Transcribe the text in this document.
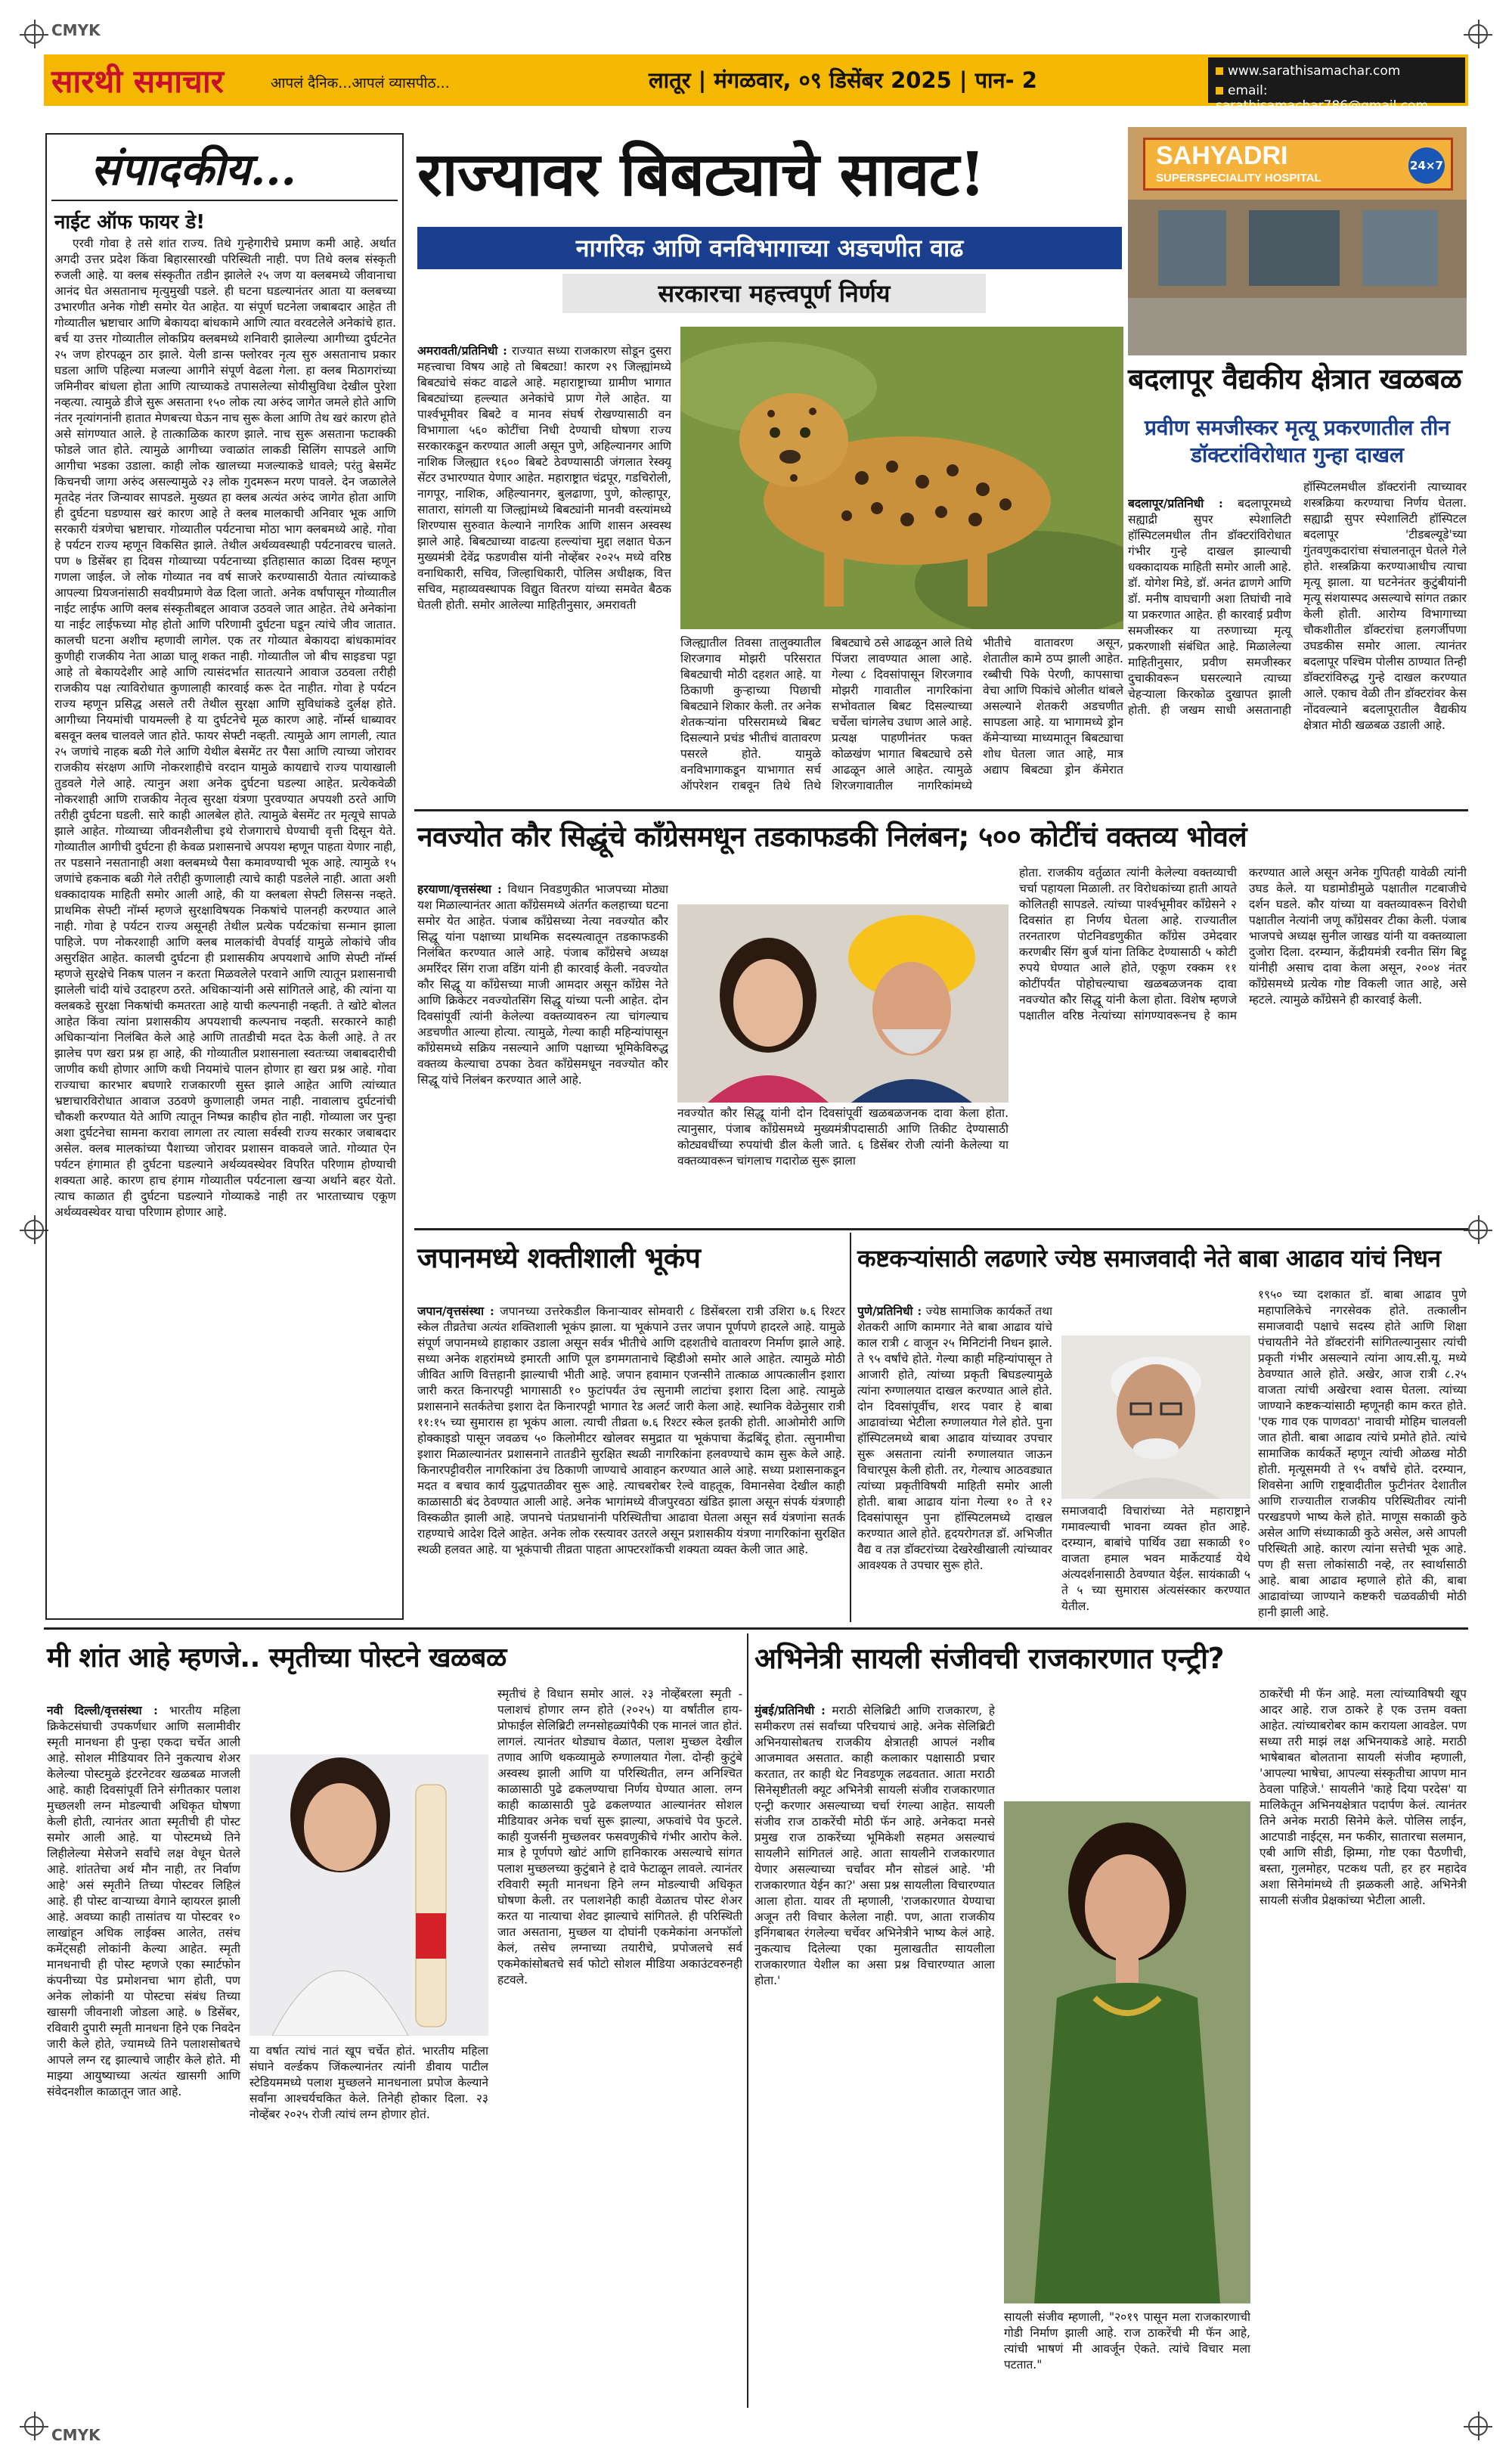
CMYK
CMYK
सारथी समाचार	आपलं दैनिक...आपलं व्यासपीठ...	लातूर | मंगळवार, ०९ डिसेंबर 2025 | पान- 2	www.sarathisamachar.com
email: sarathisamachar786@gmail.com
संपादकीय...
नाईट ऑफ फायर डे!
एरवी गोवा हे तसे शांत राज्य. तिथे गुन्हेगारीचे प्रमाण कमी आहे. अर्थात अगदी उत्तर प्रदेश किंवा बिहारसारखी परिस्थिती नाही. पण तिथे क्लब संस्कृती रुजली आहे. या क्लब संस्कृतीत तडीन झालेले २५ जण या क्लबमध्ये जीवानाचा आनंद घेत असतानाच मृत्युमुखी पडले. ही घटना घडल्यानंतर आता या क्लबच्या उभारणीत अनेक गोष्टी समोर येत आहेत. या संपूर्ण घटनेला जबाबदार आहेत ती गोव्यातील भ्रष्टाचार आणि बेकायदा बांधकामे आणि त्यात वरवटलेले अनेकांचे हात. बर्च या उत्तर गोव्यातील लोकप्रिय क्लबमध्ये शनिवारी झालेल्या आगीच्या दुर्घटनेत २५ जण होरपळून ठार झाले. येली डान्स फ्लोरवर नृत्य सुरु असतानाच प्रकार घडला आणि पहिल्या मजल्या आगीने संपूर्ण वेढला गेला. हा क्लब मिठागरांच्या जमिनीवर बांधला होता आणि त्याच्याकडे तपासलेल्या सोयीसुविधा देखील पुरेशा नव्हत्या. त्यामुळे डीजे सुरू असताना १५० लोक त्या अरुंद जागेत जमले होते आणि नंतर नृत्यांगनांनी हातात मेणबत्त्या घेऊन नाच सुरू केला आणि तेथ खरं कारण होते असे सांगण्यात आले. हे तात्काळिक कारण झाले. नाच सुरू असताना फटाक्की फोडले जात होते. त्यामुळे आगीच्या ज्वाळांत लाकडी सिलिंग सापडले आणि आगीचा भडका उडाला. काही लोक खालच्या मजल्याकडे धावले; परंतु बेसमेंट किचनची जागा अरुंद असल्यामुळे २३ लोक गुदमरून मरण पावले. देन जळालेले मृतदेह नंतर जिन्यावर सापडले. मुख्यत हा क्लब अत्यंत अरुंद जागेत होता आणि ही दुर्घटना घडण्यास खरं कारण आहे ते क्लब मालकाची अनिवार भूक आणि सरकारी यंत्रणेचा भ्रष्टाचार. गोव्यातील पर्यटनाचा मोठा भाग क्लबमध्ये आहे. गोवा हे पर्यटन राज्य म्हणून विकसित झाले. तेथील अर्थव्यवस्थाही पर्यटनावरच चालते. पण ७ डिसेंबर हा दिवस गोव्याच्या पर्यटनाच्या इतिहासात काळा दिवस म्हणून गणला जाईल. जे लोक गोव्यात नव वर्ष साजरे करण्यासाठी येतात त्यांच्याकडे आपल्या प्रियजनांसाठी सवयीप्रमाणे वेळ दिला जातो. अनेक वर्षांपासून गोव्यातील नाईट लाईफ आणि क्लब संस्कृतीबद्दल आवाज उठवले जात आहेत. तेथे अनेकांना या नाईट लाईफच्या मोह होतो आणि परिणामी दुर्घटना घडून त्यांचे जीव जातात. कालची घटना अशीच म्हणावी लागेल. एक तर गोव्यात बेकायदा बांधकामांवर कुणीही राजकीय नेता आळा घालू शकत नाही. गोव्यातील जो बीच साइडचा पट्टा आहे तो बेकायदेशीर आहे आणि त्यासंदर्भात सातत्याने आवाज उठवला तरीही राजकीय पक्ष त्याविरोधात कुणालाही कारवाई करू देत नाहीत. गोवा हे पर्यटन राज्य म्हणून प्रसिद्ध असले तरी तेथील सुरक्षा आणि सुविधांकडे दुर्लक्ष होते. आगीच्या नियमांची पायमल्ली हे या दुर्घटनेचे मूळ कारण आहे. नॉर्म्स धाब्यावर बसवून क्लब चालवले जात होते. फायर सेफ्टी नव्हती. त्यामुळे आग लागली, त्यात २५ जणांचे नाहक बळी गेले आणि येथील बेसमेंट तर पैसा आणि त्याच्या जोरावर राजकीय संरक्षण आणि नोकरशाहीचे वरदान यामुळे कायद्याचे राज्य पायाखाली तुडवले गेले आहे. त्यानुन अशा अनेक दुर्घटना घडल्या आहेत. प्रत्येकवेळी नोकरशाही आणि राजकीय नेतृत्व सुरक्षा यंत्रणा पुरवण्यात अपयशी ठरते आणि तरीही दुर्घटना घडली. सारे काही आलबेल होते. त्यामुळे बेसमेंट तर मृत्यूचे सापळे झाले आहेत. गोव्याच्या जीवनशैलीचा इथे रोजगाराचे घेण्याची वृत्ती दिसून येते. गोव्यातील आगीची दुर्घटना ही केवळ प्रशासनाचे अपयश म्हणून पाहता येणार नाही, तर पडसाने नसतानाही अशा क्लबमध्ये पैसा कमावण्याची भूक आहे. त्यामुळे १५ जणांचे हकनाक बळी गेले तरीही कुणालाही त्याचे काही पडलेले नाही. आता अशी धक्कादायक माहिती समोर आली आहे, की या क्लबला सेफ्टी लिसन्स नव्हते. प्राथमिक सेफ्टी नॉर्म्स म्हणजे सुरक्षाविषयक निकषांचे पालनही करण्यात आले नाही. गोवा हे पर्यटन राज्य असूनही तेथील प्रत्येक पर्यटकांचा सन्मान झाला पाहिजे. पण नोकरशाही आणि क्लब मालकांची वेपर्वाई यामुळे लोकांचे जीव असुरक्षित आहेत. कालची दुर्घटना ही प्रशासकीय अपयशाचे आणि सेफ्टी नॉर्म्स म्हणजे सुरक्षेचे निकष पालन न करता मिळवलेले परवाने आणि त्यातून प्रशासनाची झालेली चांदी यांचे उदाहरण ठरते. अधिकाऱ्यांनी असे सांगितले आहे, की त्यांना या क्लबकडे सुरक्षा निकषांची कमतरता आहे याची कल्पनाही नव्हती. ते खोटे बोलत आहेत किंवा त्यांना प्रशासकीय अपयशाची कल्पनाच नव्हती. सरकारने काही अधिकाऱ्यांना निलंबित केले आहे आणि तातडीची मदत देऊ केली आहे. ते तर झालेच पण खरा प्रश्न हा आहे, की गोव्यातील प्रशासनाला स्वतःच्या जबाबदारीची जाणीव कधी होणार आणि कधी नियमांचे पालन होणार हा खरा प्रश्न आहे. गोवा राज्याचा कारभार बघणारे राजकारणी सुस्त झाले आहेत आणि त्यांच्यात भ्रष्टाचारविरोधात आवाज उठवणे कुणालाही जमत नाही. नावालाच दुर्घटनांची चौकशी करण्यात येते आणि त्यातून निष्पन्न काहीच होत नाही. गोव्याला जर पुन्हा अशा दुर्घटनेचा सामना करावा लागला तर त्याला सर्वस्वी राज्य सरकार जबाबदार असेल. क्लब मालकांच्या पैशाच्या जोरावर प्रशासन वाकवले जाते. गोव्यात ऐन पर्यटन हंगामात ही दुर्घटना घडल्याने अर्थव्यवस्थेवर विपरित परिणाम होण्याची शक्यता आहे. कारण हाच हंगाम गोव्यातील पर्यटनाला खऱ्या अर्थाने बहर येतो. त्याच काळात ही दुर्घटना घडल्याने गोव्याकडे नाही तर भारताच्याच एकूण अर्थव्यवस्थेवर याचा परिणाम होणार आहे.
राज्यावर बिबट्याचे सावट!
नागरिक आणि वनविभागाच्या अडचणीत वाढ
सरकारचा महत्त्वपूर्ण निर्णय

अमरावती/प्रतिनिधी : राज्यात सध्या राजकारण सोडून दुसरा महत्त्वाचा विषय आहे तो बिबट्या! कारण २९ जिल्ह्यांमध्ये बिबट्यांचे संकट वाढले आहे. महाराष्ट्राच्या ग्रामीण भागात बिबट्यांच्या हल्ल्यात अनेकांचे प्राण गेले आहेत. या पार्श्वभूमीवर बिबटे व मानव संघर्ष रोखण्यासाठी वन विभागाला ५६० कोटींचा निधी देण्याची घोषणा राज्य सरकारकडून करण्यात आली असून पुणे, अहिल्यानगर आणि नाशिक जिल्ह्यात १६०० बिबटे ठेवण्यासाठी जंगलात रेस्क्यू सेंटर उभारण्यात येणार आहेत. महाराष्ट्रात चंद्रपूर, गडचिरोली, नागपूर, नाशिक, अहिल्यानगर, बुलढाणा, पुणे, कोल्हापूर, सातारा, सांगली या जिल्ह्यांमध्ये बिबट्यांनी मानवी वस्त्यांमध्ये शिरण्यास सुरुवात केल्याने नागरिक आणि शासन अस्वस्थ झाले आहे. बिबट्याच्या वाढत्या हल्ल्यांचा मुद्दा लक्षात घेऊन मुख्यमंत्री देवेंद्र फडणवीस यांनी नोव्हेंबर २०२५ मध्ये वरिष्ठ वनाधिकारी, सचिव, जिल्हाधिकारी, पोलिस अधीक्षक, वित्त सचिव, महाव्यवस्थापक विद्युत वितरण यांच्या समवेत बैठक घेतली होती. समोर आलेल्या माहितीनुसार, अमरावती

जिल्ह्यातील तिवसा तालुक्यातील शिरजगाव मोझरी परिसरात बिबट्याची मोठी दहशत आहे. या ठिकाणी कुऱ्हाच्या पिछाची बिबट्याने शिकार केली. तर अनेक शेतकऱ्यांना परिसरामध्ये बिबट दिसल्याने प्रचंड भीतीचं वातावरण पसरले होते. यामुळे वनविभागाकडून याभागात सर्च ऑपरेशन राबवून तिथे तिथे बिबट्याचे ठसे आढळून आले तिथे पिंजरा लावण्यात आला आहे. गेल्या ८ दिवसांपासून शिरजगाव मोझरी गावातील नागरिकांना सभोवताल बिबट दिसल्याच्या चर्चेला चांगलेच उधाण आले आहे. प्रत्यक्ष पाहणीनंतर फक्त कोळखंण भागात बिबट्याचे ठसे आढळून आले आहेत. त्यामुळे शिरजगावातील नागरिकांमध्ये भीतीचे वातावरण असून, शेतातील कामे ठप्प झाली आहेत. रब्बीची पिके पेरणी, कापसाचा वेचा आणि पिकांचे ओलीत थांबले असल्याने शेतकरी अडचणीत सापडला आहे. या भागामध्ये ड्रोन कॅमेऱ्याच्या माध्यमातून बिबट्याचा शोध घेतला जात आहे, मात्र अद्याप बिबट्या ड्रोन कॅमेरात
SAHYADRI
SUPERSPECIALITY HOSPITAL
24×7
बदलापूर वैद्यकीय क्षेत्रात खळबळ
प्रवीण समजीस्कर मृत्यू प्रकरणातील तीन डॉक्टरांविरोधात गुन्हा दाखल

बदलापूर/प्रतिनिधी : बदलापूरमध्ये सह्याद्री सुपर स्पेशालिटी हॉस्पिटलमधील तीन डॉक्टरांविरोधात गंभीर गुन्हे दाखल झाल्याची धक्कादायक माहिती समोर आली आहे. डॉ. योगेश मिडे, डॉ. अनंत ढाणगे आणि डॉ. मनीष वाघचागी अशा तिघांची नावे या प्रकरणात आहेत. ही कारवाई प्रवीण समजीस्कर या तरुणाच्या मृत्यू प्रकरणाशी संबंधित आहे. मिळालेल्या माहितीनुसार, प्रवीण समजीस्कर दुचाकीवरून घसरल्याने त्याच्या चेहऱ्याला किरकोळ दुखापत झाली होती. ही जखम साधी असतानाही हॉस्पिटलमधील डॉक्टरांनी त्याच्यावर शस्त्रक्रिया करण्याचा निर्णय घेतला. सह्याद्री सुपर स्पेशालिटी हॉस्पिटल बदलापूर 'टीडबल्यूडे'च्या गुंतवणुकदारांचा संचालनातून घेतले गेले होते. शस्त्रक्रिया करण्याआधीच त्याचा मृत्यू झाला. या घटनेनंतर कुटुंबीयांनी मृत्यू संशयास्पद असल्याचे सांगत तक्रार केली होती. आरोग्य विभागाच्या चौकशीतील डॉक्टरांचा हलगर्जीपणा उघडकीस समोर आला. त्यानंतर बदलापूर पश्चिम पोलीस ठाण्यात तिन्ही डॉक्टरांविरुद्ध गुन्हे दाखल करण्यात आले. एकाच वेळी तीन डॉक्टरांवर केस नोंदवल्याने बदलापूरातील वैद्यकीय क्षेत्रात मोठी खळबळ उडाली आहे.

नवज्योत कौर सिद्धूंचे काँग्रेसमधून तडकाफडकी निलंबन; ५०० कोटींचं वक्तव्य भोवलं

हरयाणा/वृत्तसंस्था : विधान निवडणुकीत भाजपच्या मोठ्या यश मिळाल्यानंतर आता काँग्रेसमध्ये अंतर्गत कलहाच्या घटना समोर येत आहेत. पंजाब काँग्रेसच्या नेत्या नवज्योत कौर सिद्धू यांना पक्षाच्या प्राथमिक सदस्यत्वातून तडकाफडकी निलंबित करण्यात आले आहे. पंजाब काँग्रेसचे अध्यक्ष अमरिंदर सिंग राजा वडिंग यांनी ही कारवाई केली. नवज्योत कौर सिद्धू या काँग्रेसच्या माजी आमदार असून काँग्रेस नेते आणि क्रिकेटर नवज्योतसिंग सिद्धू यांच्या पत्नी आहेत. दोन दिवसांपूर्वी त्यांनी केलेल्या वक्तव्यावरुन त्या चांगल्याच अडचणीत आल्या होत्या. त्यामुळे, गेल्या काही महिन्यांपासून काँग्रेसमध्ये सक्रिय नसल्याने आणि पक्षाच्या भूमिकेविरुद्ध वक्तव्य केल्याचा ठपका ठेवत काँग्रेसमधून नवज्योत कौर सिद्धू यांचे निलंबन करण्यात आले आहे.

नवज्योत कौर सिद्धू यांनी दोन दिवसांपूर्वी खळबळजनक दावा केला होता. त्यानुसार, पंजाब काँग्रेसमध्ये मुख्यमंत्रीपदासाठी आणि तिकीट देण्यासाठी कोट्यवधींच्या रुपयांची डील केली जाते. ६ डिसेंबर रोजी त्यांनी केलेल्या या वक्तव्यावरून चांगलाच गदारोळ सुरू झाला
होता. राजकीय वर्तुळात त्यांनी केलेल्या वक्तव्याची चर्चा पहायला मिळाली. तर विरोधकांच्या हाती आयते कोलितही सापडले. त्यांच्या पार्श्वभूमीवर काँग्रेसने २ दिवसांत हा निर्णय घेतला आहे. राज्यातील तरनतारण पोटनिवडणुकीत काँग्रेस उमेदवार करणबीर सिंग बुर्ज यांना तिकिट देण्यासाठी ५ कोटी रुपये घेण्यात आले होते, एकूण रक्कम ११ कोटींपर्यंत पोहोचल्याचा खळबळजनक दावा नवज्योत कौर सिद्धू यांनी केला होता. विशेष म्हणजे पक्षातील वरिष्ठ नेत्यांच्या सांगण्यावरूनच हे काम करण्यात आले असून अनेक गुपितही यावेळी त्यांनी उघड केले. या घडामोडीमुळे पक्षातील गटबाजीचे दर्शन घडले. कौर यांच्या या वक्तव्यावरून विरोधी पक्षातील नेत्यांनी जणू काँग्रेसवर टीका केली. पंजाब भाजपचे अध्यक्ष सुनील जाखड यांनी या वक्तव्याला दुजोरा दिला. दरम्यान, केंद्रीयमंत्री रवनीत सिंग बिट्टू यांनीही असाच दावा केला असून, २००४ नंतर काँग्रेसमध्ये प्रत्येक गोष्ट विकली जात आहे, असे म्हटले. त्यामुळे काँग्रेसने ही कारवाई केली.
जपानमध्ये शक्तीशाली भूकंप

जपान/वृत्तसंस्था : जपानच्या उत्तरेकडील किनाऱ्यावर सोमवारी ८ डिसेंबरला रात्री उशिरा ७.६ रिश्टर स्केल तीव्रतेचा अत्यंत शक्तिशाली भूकंप झाला. या भूकंपाने उत्तर जपान पूर्णपणे हादरले आहे. यामुळे संपूर्ण जपानमध्ये हाहाकार उडाला असून सर्वत्र भीतीचे आणि दहशतीचे वातावरण निर्माण झाले आहे. सध्या अनेक शहरांमध्ये इमारती आणि पूल डगमगतानाचे व्हिडीओ समोर आले आहेत. त्यामुळे मोठी जीवित आणि वित्तहानी झाल्याची भीती आहे. जपान हवामान एजन्सीने तात्काळ आपत्कालीन इशारा जारी करत किनारपट्टी भागासाठी १० फुटांपर्यंत उंच त्सुनामी लाटांचा इशारा दिला आहे. त्यामुळे प्रशासनाने सतर्कतेचा इशारा देत किनारपट्टी भागात रेड अलर्ट जारी केला आहे. स्थानिक वेळेनुसार रात्री ११:१५ च्या सुमारास हा भूकंप आला. त्याची तीव्रता ७.६ रिश्टर स्केल इतकी होती. आओमोरी आणि होक्काइडो पासून जवळच ५० किलोमीटर खोलवर समुद्रात या भूकंपाचा केंद्रबिंदू होता. त्सुनामीचा इशारा मिळाल्यानंतर प्रशासनाने तातडीने सुरक्षित स्थळी नागरिकांना हलवण्याचे काम सुरू केले आहे. किनारपट्टीवरील नागरिकांना उंच ठिकाणी जाण्याचे आवाहन करण्यात आले आहे. सध्या प्रशासनाकडून मदत व बचाव कार्य युद्धपातळीवर सुरू आहे. त्याचबरोबर रेल्वे वाहतूक, विमानसेवा देखील काही काळासाठी बंद ठेवण्यात आली आहे. अनेक भागांमध्ये वीजपुरवठा खंडित झाला असून संपर्क यंत्रणाही विस्कळीत झाली आहे. जपानचे पंतप्रधानांनी परिस्थितीचा आढावा घेतला असून सर्व यंत्रणांना सतर्क राहण्याचे आदेश दिले आहेत. अनेक लोक रस्त्यावर उतरले असून प्रशासकीय यंत्रणा नागरिकांना सुरक्षित स्थळी हलवत आहे. या भूकंपाची तीव्रता पाहता आफ्टरशॉकची शक्यता व्यक्त केली जात आहे.

कष्टकऱ्यांसाठी लढणारे ज्येष्ठ समाजवादी नेते बाबा आढाव यांचं निधन

पुणे/प्रतिनिधी : ज्येष्ठ सामाजिक कार्यकर्ते तथा शेतकरी आणि कामगार नेते बाबा आढाव यांचे काल रात्री ८ वाजून २५ मिनिटांनी निधन झाले. ते ९५ वर्षांचे होते. गेल्या काही महिन्यांपासून ते आजारी होते, त्यांच्या प्रकृती बिघडल्यामुळे त्यांना रुग्णालयात दाखल करण्यात आले होते. दोन दिवसांपूर्वीच, शरद पवार हे बाबा आढावांच्या भेटीला रुग्णालयात गेले होते. पुना हॉस्पिटलमध्ये बाबा आढाव यांच्यावर उपचार सुरू असताना त्यांनी रुग्णालयात जाऊन विचारपूस केली होती. तर, गेल्याच आठवड्यात त्यांच्या प्रकृतीविषयी माहिती समोर आली होती. बाबा आढाव यांना गेल्या १० ते १२ दिवसांपासून पुना हॉस्पिटलमध्ये दाखल करण्यात आले होते. हृदयरोगतज्ञ डॉ. अभिजीत वैद्य व तज्ञ डॉक्टरांच्या देखरेखीखाली त्यांच्यावर आवश्यक ते उपचार सुरू होते.

समाजवादी विचारांच्या नेते महाराष्ट्राने गमावल्याची भावना व्यक्त होत आहे. दरम्यान, बाबांचे पार्थिव उद्या सकाळी १० वाजता हमाल भवन मार्केटयार्ड येथे अंत्यदर्शनासाठी ठेवण्यात येईल. सायंकाळी ५ ते ५ च्या सुमारास अंत्यसंस्कार करण्यात येतील.
१९५० च्या दशकात डॉ. बाबा आढाव पुणे महापालिकेचे नगरसेवक होते. तत्कालीन समाजवादी पक्षाचे सदस्य होते आणि शिक्षा पंचायतीने नेते डॉक्टरांनी सांगितल्यानुसार त्यांची प्रकृती गंभीर असल्याने त्यांना आय.सी.यू. मध्ये ठेवण्यात आले होते. अखेर, आज रात्री ८.२५ वाजता त्यांची अखेरचा श्वास घेतला. त्यांच्या जाण्याने कष्टकऱ्यांसाठी म्हणूनही काम करत होते. 'एक गाव एक पाणवठा' नावाची मोहिम चालवली जात होती. बाबा आढाव त्यांचे प्रमोते होते. त्यांचे सामाजिक कार्यकर्ते म्हणून त्यांची ओळख मोठी होती. मृत्यूसमयी ते ९५ वर्षांचे होते. दरम्यान, शिवसेना आणि राष्ट्रवादीतील फुटीनंतर देशातील आणि राज्यातील राजकीय परिस्थितीवर त्यांनी परखडपणे भाष्य केले होते. माणूस सकाळी कुठे असेल आणि संध्याकाळी कुठे असेल, असे आपली परिस्थिती आहे. कारण त्यांना सत्तेची भूक आहे. पण ही सत्ता लोकांसाठी नव्हे, तर स्वार्थासाठी आहे. बाबा आढाव म्हणाले होते की, बाबा आढावांच्या जाण्याने कष्टकरी चळवळीची मोठी हानी झाली आहे.
मी शांत आहे म्हणजे.. स्मृतीच्या पोस्टने खळबळ

नवी दिल्ली/वृत्तसंस्था : भारतीय महिला क्रिकेटसंघाची उपकर्णधार आणि सलामीवीर स्मृती मानधना ही पुन्हा एकदा चर्चेत आली आहे. सोशल मीडियावर तिने नुकत्याच शेअर केलेल्या पोस्टमुळे इंटरनेटवर खळबळ माजली आहे. काही दिवसांपूर्वी तिने संगीतकार पलाश मुच्छलशी लग्न मोडल्याची अधिकृत घोषणा केली होती, त्यानंतर आता स्मृतीची ही पोस्ट समोर आली आहे. या पोस्टमध्ये तिने लिहीलेल्या मेसेजने सर्वांचे लक्ष वेधून घेतले आहे. शांततेचा अर्थ मौन नाही, तर निर्वाण आहे' असं स्मृतीने तिच्या पोस्टवर लिहिलं आहे. ही पोस्ट वाऱ्याच्या वेगाने व्हायरल झाली आहे. अवघ्या काही तासांतच या पोस्टवर १० लाखांहून अधिक लाईक्स आलेत, तसंच कमेंट्सही लोकांनी केल्या आहेत. स्मृती मानधनाची ही पोस्ट म्हणजे एका स्मार्टफोन कंपनीच्या पेड प्रमोशनचा भाग होती, पण अनेक लोकांनी या पोस्टचा संबंध तिच्या खासगी जीवनाशी जोडला आहे. ७ डिसेंबर, रविवारी दुपारी स्मृती मानधना हिने एक निवदेन जारी केले होते, ज्यामध्ये तिने पलाशसोबतचे आपले लग्न रद्द झाल्याचे जाहीर केले होते. मी माझ्या आयुष्याच्या अत्यंत खासगी आणि संवेदनशील काळातून जात आहे.

या वर्षात त्यांचं नातं खूप चर्चेत होतं. भारतीय महिला संघाने वर्ल्डकप जिंकल्यानंतर त्यांनी डीवाय पाटील स्टेडियममध्ये पलाश मुच्छलने मानधनाला प्रपोज केल्याने सर्वांना आश्चर्यचकित केले. तिनेही होकार दिला. २३ नोव्हेंबर २०२५ रोजी त्यांचं लग्न होणार होतं.
स्मृतीचं हे विधान समोर आलं. २३ नोव्हेंबरला स्मृती - पलाशचं होणार लग्न होते (२०२५) या वर्षांतील हाय-प्रोफाईल सेलिब्रिटी लग्नसोहळ्यांपैकी एक मानलं जात होतं. लागलं. त्यानंतर थोड्याच वेळात, पलाश मुच्छल देखील तणाव आणि थकव्यामुळे रुग्णालयात गेला. दोन्ही कुटुंबे अस्वस्थ झाली आणि या परिस्थितीत, लग्न अनिश्चित काळासाठी पुढे ढकलण्याचा निर्णय घेण्यात आला. लग्न काही काळासाठी पुढे ढकलण्यात आल्यानंतर सोशल मीडियावर अनेक चर्चा सुरू झाल्या, अफवांचे पेव फुटले. काही युजर्सनी मुच्छलवर फसवणुकीचे गंभीर आरोप केले. मात्र हे पूर्णपणे खोटं आणि हानिकारक असल्याचे सांगत पलाश मुच्छलच्या कुटुंबाने हे दावे फेटाळून लावले. त्यानंतर रविवारी स्मृती मानधना हिने लग्न मोडल्याची अधिकृत घोषणा केली. तर पलाशनेही काही वेळातच पोस्ट शेअर करत या नात्याचा शेवट झाल्याचे सांगितले. ही परिस्थिती जात असताना, मुच्छल या दोघांनी एकमेकांना अनफॉलो केलं, तसेच लग्नाच्या तयारीचे, प्रपोजलचे सर्व एकमेकांसोबतचे सर्व फोटो सोशल मीडिया अकाउंटवरुनही हटवले.
अभिनेत्री सायली संजीवची राजकारणात एन्ट्री?

मुंबई/प्रतिनिधी : मराठी सेलिब्रिटी आणि राजकारण, हे समीकरण तसं सर्वांच्या परिचयाचं आहे. अनेक सेलिब्रिटी अभिनयासोबतच राजकीय क्षेत्रातही आपलं नशीब आजमावत असतात. काही कलाकार पक्षासाठी प्रचार करतात, तर काही थेट निवडणूक लढवतात. आता मराठी सिनेसृष्टीतली क्यूट अभिनेत्री सायली संजीव राजकारणात एन्ट्री करणार असल्याच्या चर्चा रंगल्या आहेत. सायली संजीव राज ठाकरेंची मोठी फॅन आहे. अनेकदा मनसे प्रमुख राज ठाकरेंच्या भूमिकेशी सहमत असल्याचं सायलीने सांगितलं आहे. आता सायलीने राजकारणात येणार असल्याच्या चर्चांवर मौन सोडलं आहे. 'मी राजकारणात येईन का?' असा प्रश्न सायलीला विचारण्यात आला होता. यावर ती म्हणाली, 'राजकारणात येण्याचा अजून तरी विचार केलेला नाही. पण, आता राजकीय इनिंगबाबत रंगलेल्या चर्चेवर अभिनेत्रीने भाष्य केलं आहे. नुकत्याच दिलेल्या एका मुलाखतीत सायलीला राजकारणात येशील का असा प्रश्न विचारण्यात आला होता.'

सायली संजीव म्हणाली, "२०१९ पासून मला राजकारणाची गोडी निर्माण झाली आहे. राज ठाकरेंची मी फॅन आहे, त्यांची भाषणं मी आवर्जून ऐकते. त्यांचे विचार मला पटतात."
ठाकरेंची मी फॅन आहे. मला त्यांच्याविषयी खूप आदर आहे. राज ठाकरे हे एक उत्तम वक्ता आहेत. त्यांच्याबरोबर काम करायला आवडेल. पण सध्या तरी माझं लक्ष अभिनयाकडे आहे. मराठी भाषेबाबत बोलताना सायली संजीव म्हणाली, 'आपल्या भाषेचा, आपल्या संस्कृतीचा आपण मान ठेवला पाहिजे.' सायलीने 'काहे दिया परदेस' या मालिकेतून अभिनयक्षेत्रात पदार्पण केलं. त्यानंतर तिने अनेक मराठी सिनेमे केले. पोलिस लाईन, आटपाडी नाईट्स, मन फकीर, सातारचा सलमान, एबी आणि सीडी, झिम्मा, गोष्ट एका पैठणीची, बस्ता, गुलमोहर, पटकथ पती, हर हर महादेव अशा सिनेमांमध्ये ती झळकली आहे. अभिनेत्री सायली संजीव प्रेक्षकांच्या भेटीला आली.
